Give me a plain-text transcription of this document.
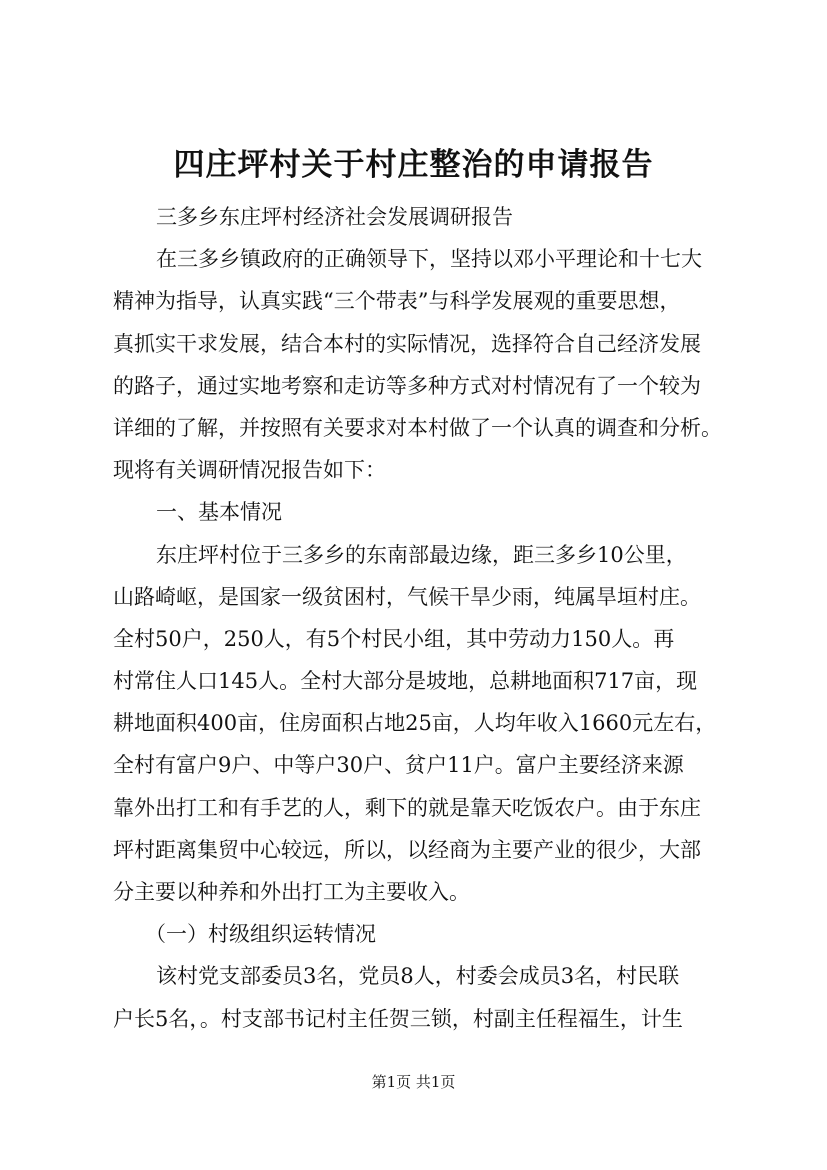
四庄坪村关于村庄整治的申请报告
三多乡东庄坪村经济社会发展调研报告
在三多乡镇政府的正确领导下，坚持以邓小平理论和十七大
精神为指导，认真实践“三个带表”与科学发展观的重要思想，
真抓实干求发展，结合本村的实际情况，选择符合自己经济发展
的路子，通过实地考察和走访等多种方式对村情况有了一个较为
详细的了解，并按照有关要求对本村做了一个认真的调查和分析。
现将有关调研情况报告如下：
一、基本情况
东庄坪村位于三多乡的东南部最边缘，距三多乡10公里，
山路崎岖，是国家一级贫困村，气候干旱少雨，纯属旱垣村庄。
全村50户，250人，有5个村民小组，其中劳动力150人。再
村常住人口145人。全村大部分是坡地，总耕地面积717亩，现
耕地面积400亩，住房面积占地25亩，人均年收入1660元左右，
全村有富户9户、中等户30户、贫户11户。富户主要经济来源
靠外出打工和有手艺的人，剩下的就是靠天吃饭农户。由于东庄
坪村距离集贸中心较远，所以，以经商为主要产业的很少，大部
分主要以种养和外出打工为主要收入。
（一）村级组织运转情况
该村党支部委员3名，党员8人，村委会成员3名，村民联
户长5名，。村支部书记村主任贺三锁，村副主任程福生，计生
第1页 共1页
